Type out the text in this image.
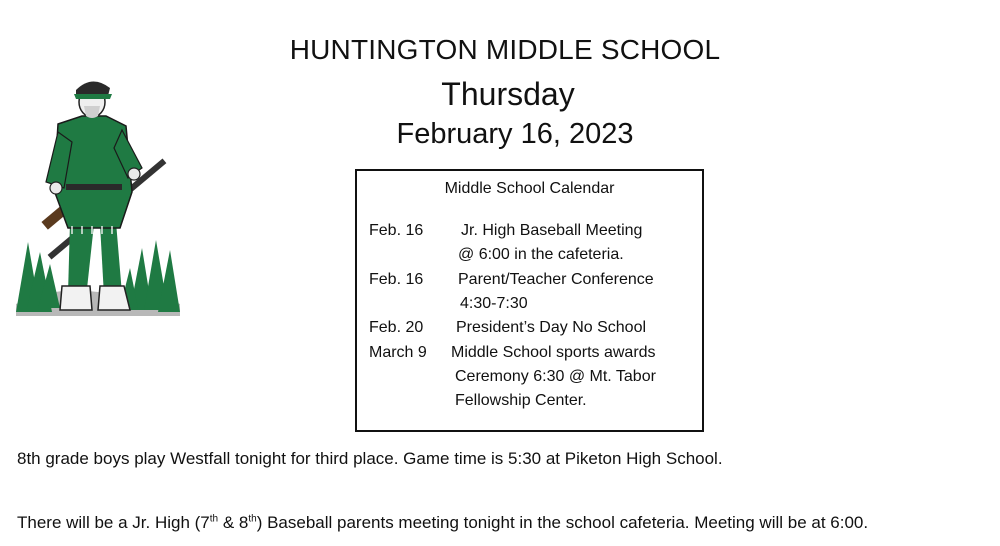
HUNTINGTON MIDDLE SCHOOL
Thursday
February 16, 2023
Middle School Calendar
Feb. 16 Jr. High Baseball Meeting
@ 6:00 in the cafeteria.
Feb. 16 Parent/Teacher Conference
4:30-7:30
Feb. 20 President’s Day No School
March 9 Middle School sports awards
Ceremony 6:30 @ Mt. Tabor
Fellowship Center.
8th grade boys play Westfall tonight for third place. Game time is 5:30 at Piketon High School.
There will be a Jr. High (7th & 8th) Baseball parents meeting tonight in the school cafeteria. Meeting will be at 6:00.
